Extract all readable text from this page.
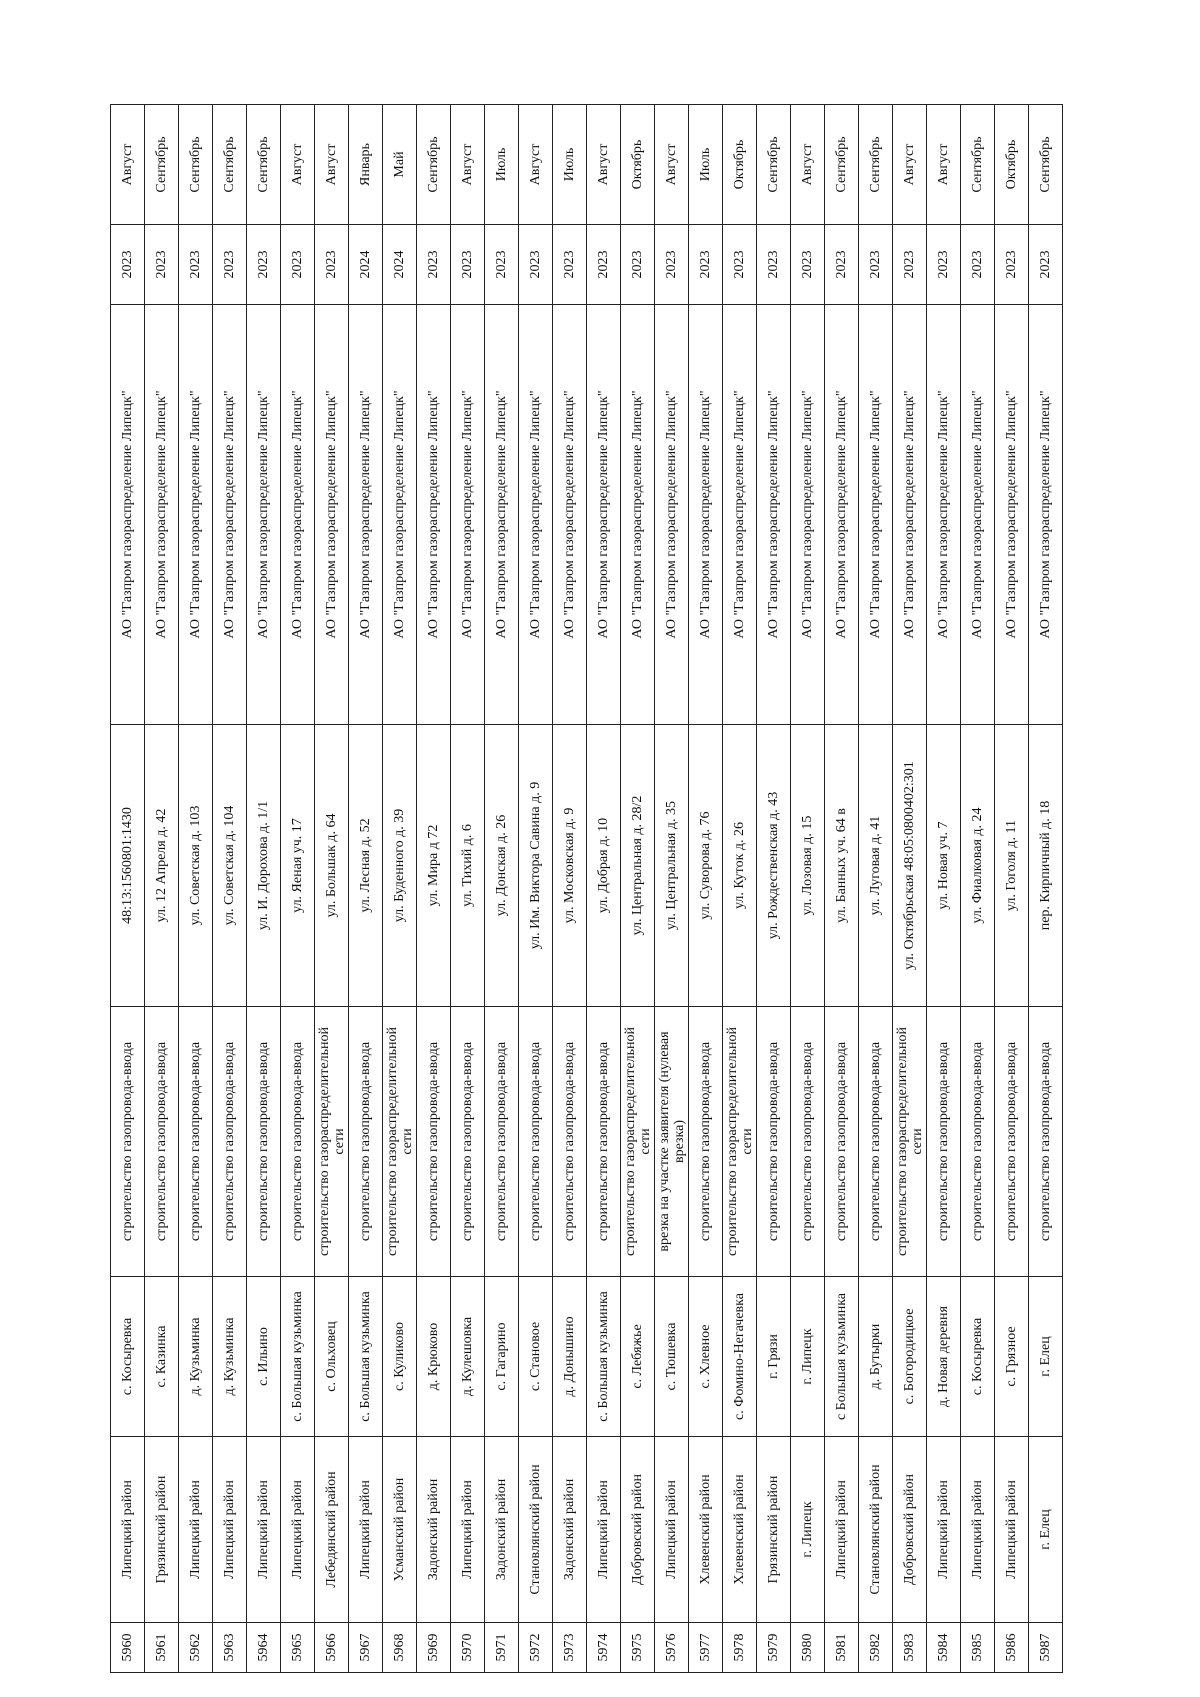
5960	Липецкий район	с. Косыревка	строительство газопровода-ввода	48:13:1560801:1430	АО "Газпром газораспределение Липецк"	2023	Август
5961	Грязинский район	с. Казинка	строительство газопровода-ввода	ул. 12 Апреля д. 42	АО "Газпром газораспределение Липецк"	2023	Сентябрь
5962	Липецкий район	д. Кузьминка	строительство газопровода-ввода	ул. Советская д. 103	АО "Газпром газораспределение Липецк"	2023	Сентябрь
5963	Липецкий район	д. Кузьминка	строительство газопровода-ввода	ул. Советская д. 104	АО "Газпром газораспределение Липецк"	2023	Сентябрь
5964	Липецкий район	с. Ильино	строительство газопровода-ввода	ул. И. Дорохова д. 1/1	АО "Газпром газораспределение Липецк"	2023	Сентябрь
5965	Липецкий район	с. Большая кузьминка	строительство газопровода-ввода	ул. Яеная уч. 17	АО "Газпром газораспределение Липецк"	2023	Август
5966	Лебедянский район	с. Ольховец	строительство газораспределительной сети	ул. Большак д. 64	АО "Газпром газораспределение Липецк"	2023	Август
5967	Липецкий район	с. Большая кузьминка	строительство газопровода-ввода	ул. Лесная д. 52	АО "Газпром газораспределение Липецк"	2024	Январь
5968	Усманский район	с. Куликово	строительство газораспределительной сети	ул. Буденного д. 39	АО "Газпром газораспределение Липецк"	2024	Май
5969	Задонский район	д. Крюково	строительство газопровода-ввода	ул. Мира д 72	АО "Газпром газораспределение Липецк"	2023	Сентябрь
5970	Липецкий район	д. Кулешовка	строительство газопровода-ввода	ул. Тихий д. 6	АО "Газпром газораспределение Липецк"	2023	Август
5971	Задонский район	с. Гагарино	строительство газопровода-ввода	ул. Донская д. 26	АО "Газпром газораспределение Липецк"	2023	Июль
5972	Становлянский район	с. Становое	строительство газопровода-ввода	ул. Им. Виктора Савина д. 9	АО "Газпром газораспределение Липецк"	2023	Август
5973	Задонский район	д. Донышино	строительство газопровода-ввода	ул. Московская д. 9	АО "Газпром газораспределение Липецк"	2023	Июль
5974	Липецкий район	с. Большая кузьминка	строительство газопровода-ввода	ул. Добрая д. 10	АО "Газпром газораспределение Липецк"	2023	Август
5975	Добровский район	с. Лебяжье	строительство газораспределительной сети	ул. Центральная д. 28/2	АО "Газпром газораспределение Липецк"	2023	Октябрь
5976	Липецкий район	с. Тюшевка	врезка на участке заявителя (нулевая врезка)	ул. Центральная д. 35	АО "Газпром газораспределение Липецк"	2023	Август
5977	Хлевенский район	с. Хлевное	строительство газопровода-ввода	ул. Суворова д. 76	АО "Газпром газораспределение Липецк"	2023	Июль
5978	Хлевенский район	с. Фомино-Негачевка	строительство газораспределительной сети	ул. Куток д. 26	АО "Газпром газораспределение Липецк"	2023	Октябрь
5979	Грязинский район	г. Грязи	строительство газопровода-ввода	ул. Рождественская д. 43	АО "Газпром газораспределение Липецк"	2023	Сентябрь
5980	г. Липецк	г. Липецк	строительство газопровода-ввода	ул. Лозовая д. 15	АО "Газпром газораспределение Липецк"	2023	Август
5981	Липецкий район	с Большая кузьминка	строительство газопровода-ввода	ул. Банных уч. 64 в	АО "Газпром газораспределение Липецк"	2023	Сентябрь
5982	Становлянский район	д. Бутырки	строительство газопровода-ввода	ул. Луговая д. 41	АО "Газпром газораспределение Липецк"	2023	Сентябрь
5983	Добровский район	с. Богородицкое	строительство газораспределительной сети	ул. Октябрьская 48:05:0800402:301	АО "Газпром газораспределение Липецк"	2023	Август
5984	Липецкий район	д. Новая деревня	строительство газопровода-ввода	ул. Новая уч. 7	АО "Газпром газораспределение Липецк"	2023	Август
5985	Липецкий район	с. Косыревка	строительство газопровода-ввода	ул. Фиалковая д. 24	АО "Газпром газораспределение Липецк"	2023	Сентябрь
5986	Липецкий район	с. Грязное	строительство газопровода-ввода	ул. Гоголя д. 11	АО "Газпром газораспределение Липецк"	2023	Октябрь
5987	г. Елец	г. Елец	строительство газопровода-ввода	пер. Кирпичный д. 18	АО "Газпром газораспределение Липецк"	2023	Сентябрь
